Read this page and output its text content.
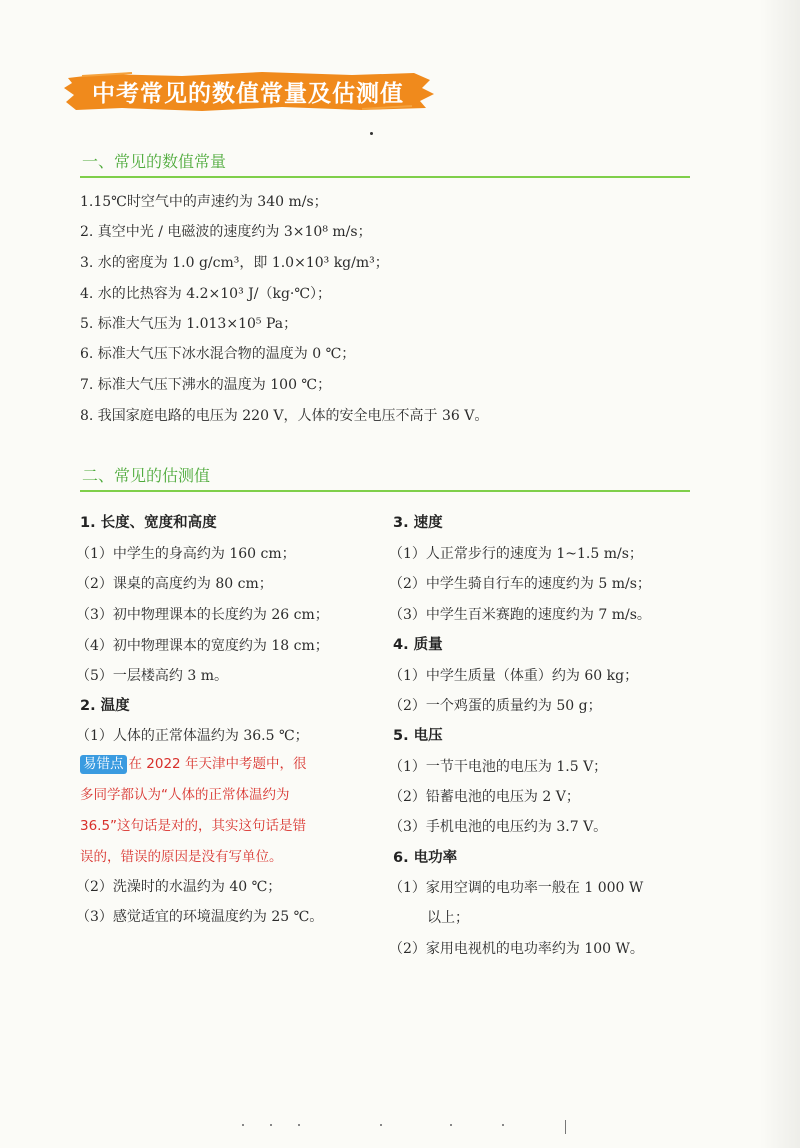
中考常见的数值常量及估测值
一、常见的数值常量
1.15℃时空气中的声速约为 340 m/s；
2. 真空中光 / 电磁波的速度约为 3×10⁸ m/s；
3. 水的密度为 1.0 g/cm³，即 1.0×10³ kg/m³；
4. 水的比热容为 4.2×10³ J/（kg·℃）；
5. 标准大气压为 1.013×10⁵ Pa；
6. 标准大气压下冰水混合物的温度为 0 ℃；
7. 标准大气压下沸水的温度为 100 ℃；
8. 我国家庭电路的电压为 220 V，人体的安全电压不高于 36 V。
二、常见的估测值
1. 长度、宽度和高度
（1）中学生的身高约为 160 cm；
（2）课桌的高度约为 80 cm；
（3）初中物理课本的长度约为 26 cm；
（4）初中物理课本的宽度约为 18 cm；
（5）一层楼高约 3 m。
2. 温度
（1）人体的正常体温约为 36.5 ℃；
易错点 在 2022 年天津中考题中，很
多同学都认为“人体的正常体温约为
36.5”这句话是对的，其实这句话是错
误的，错误的原因是没有写单位。
（2）洗澡时的水温约为 40 ℃；
（3）感觉适宜的环境温度约为 25 ℃。
3. 速度
（1）人正常步行的速度为 1~1.5 m/s；
（2）中学生骑自行车的速度约为 5 m/s；
（3）中学生百米赛跑的速度约为 7 m/s。
4. 质量
（1）中学生质量（体重）约为 60 kg；
（2）一个鸡蛋的质量约为 50 g；
5. 电压
（1）一节干电池的电压为 1.5 V；
（2）铅蓄电池的电压为 2 V；
（3）手机电池的电压约为 3.7 V。
6. 电功率
（1）家用空调的电功率一般在 1 000 W
以上；
（2）家用电视机的电功率约为 100 W。
